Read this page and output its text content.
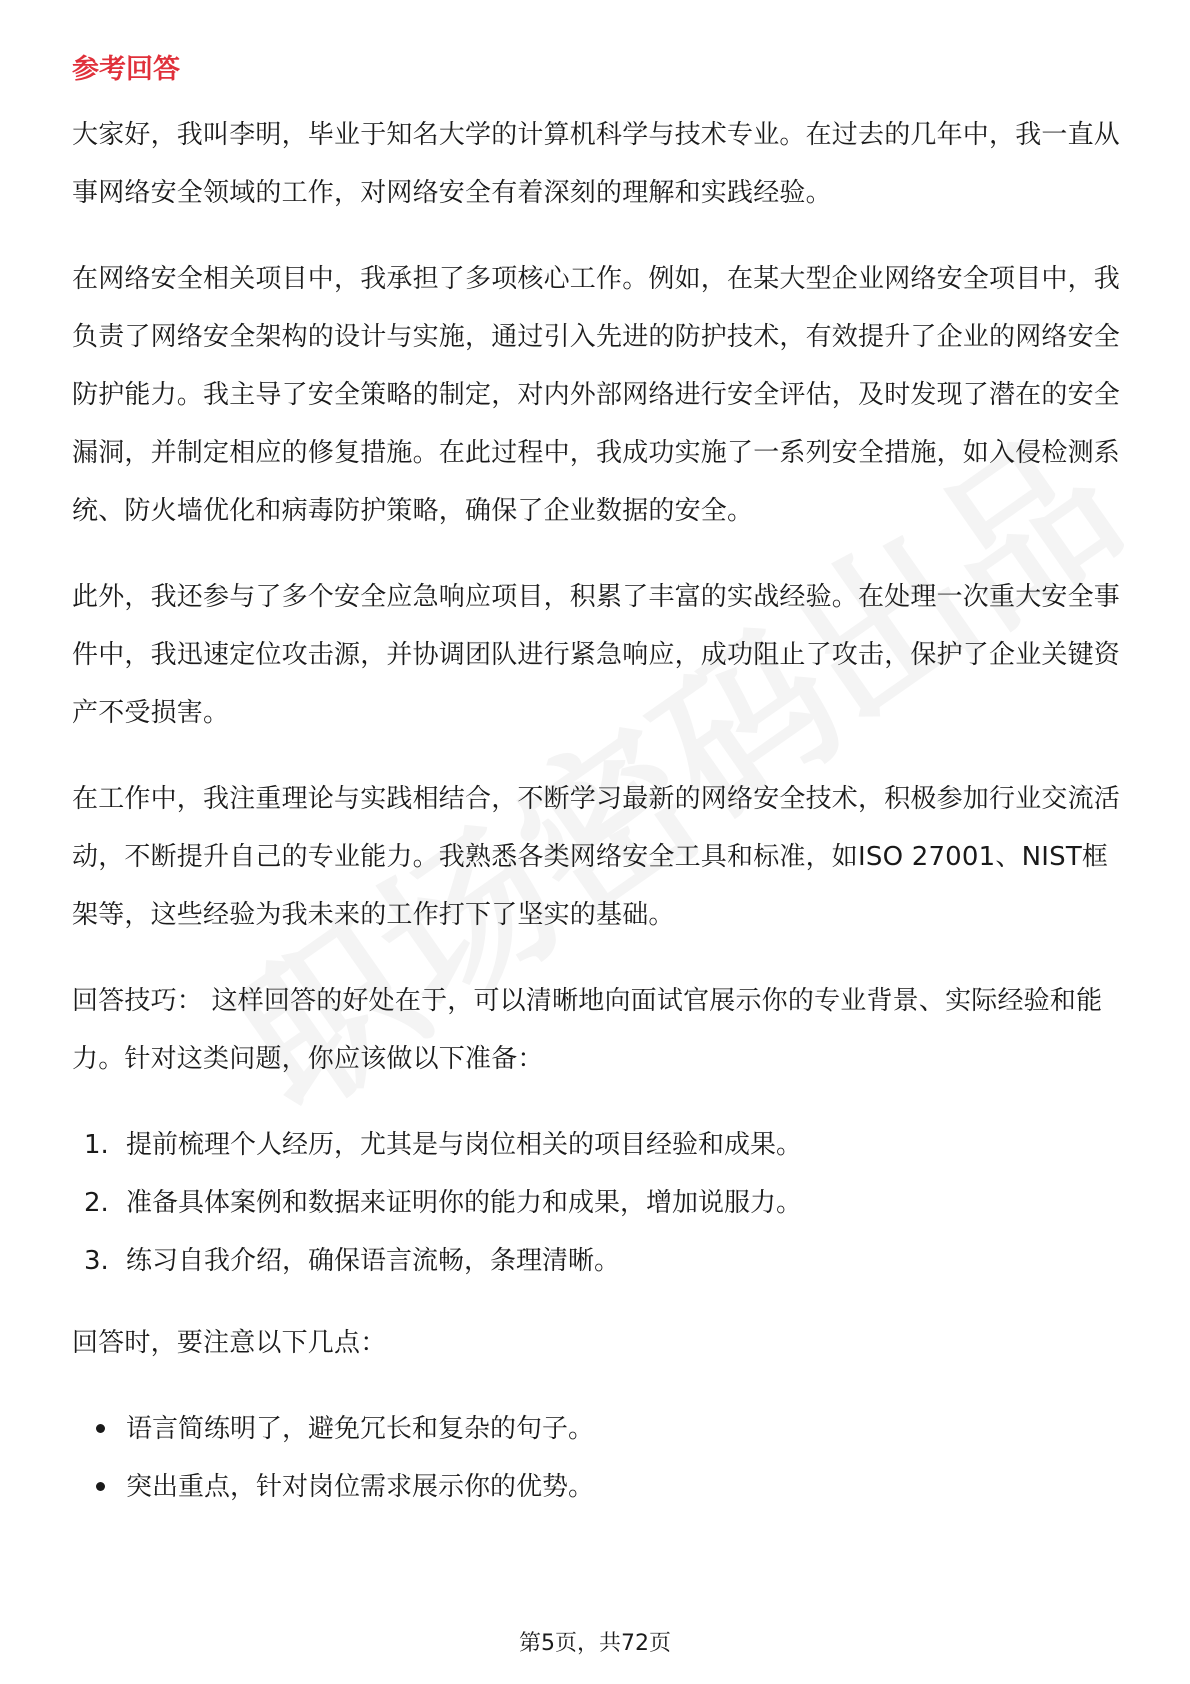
参考回答

大家好，我叫李明，毕业于知名大学的计算机科学与技术专业。在过去的几年中，我一直从事网络安全领域的工作，对网络安全有着深刻的理解和实践经验。

在网络安全相关项目中，我承担了多项核心工作。例如，在某大型企业网络安全项目中，我负责了网络安全架构的设计与实施，通过引入先进的防护技术，有效提升了企业的网络安全防护能力。我主导了安全策略的制定，对内外部网络进行安全评估，及时发现了潜在的安全漏洞，并制定相应的修复措施。在此过程中，我成功实施了一系列安全措施，如入侵检测系统、防火墙优化和病毒防护策略，确保了企业数据的安全。

此外，我还参与了多个安全应急响应项目，积累了丰富的实战经验。在处理一次重大安全事件中，我迅速定位攻击源，并协调团队进行紧急响应，成功阻止了攻击，保护了企业关键资产不受损害。

在工作中，我注重理论与实践相结合，不断学习最新的网络安全技术，积极参加行业交流活动，不断提升自己的专业能力。我熟悉各类网络安全工具和标准，如ISO 27001、NIST框架等，这些经验为我未来的工作打下了坚实的基础。

回答技巧： 这样回答的好处在于，可以清晰地向面试官展示你的专业背景、实际经验和能力。针对这类问题，你应该做以下准备：

1. 提前梳理个人经历，尤其是与岗位相关的项目经验和成果。
2. 准备具体案例和数据来证明你的能力和成果，增加说服力。
3. 练习自我介绍，确保语言流畅，条理清晰。

回答时，要注意以下几点：

语言简练明了，避免冗长和复杂的句子。
突出重点，针对岗位需求展示你的优势。
第5页，共72页
